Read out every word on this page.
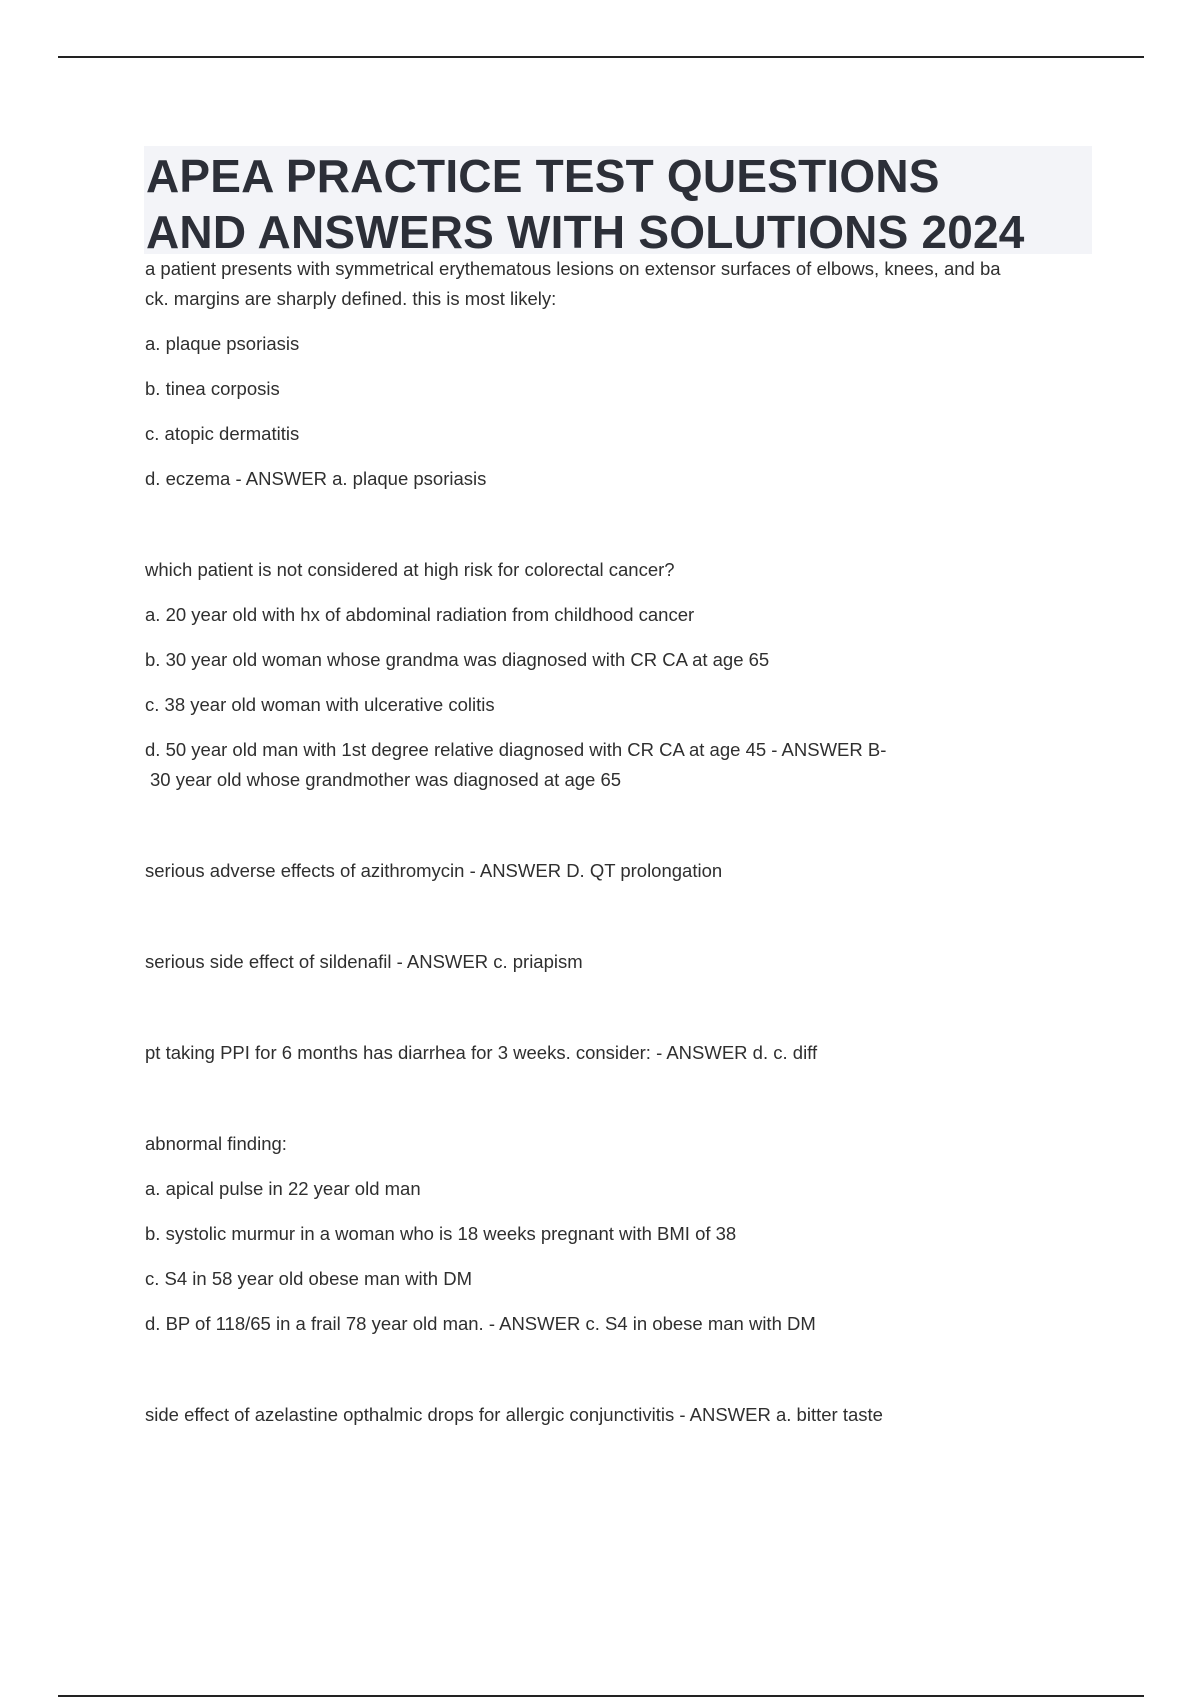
APEA PRACTICE TEST QUESTIONS
AND ANSWERS WITH SOLUTIONS 2024

a patient presents with symmetrical erythematous lesions on extensor surfaces of elbows, knees, and ba

ck. margins are sharply defined. this is most likely:

a. plaque psoriasis

b. tinea corposis

c. atopic dermatitis

d. eczema - ANSWER a. plaque psoriasis

which patient is not considered at high risk for colorectal cancer?

a. 20 year old with hx of abdominal radiation from childhood cancer

b. 30 year old woman whose grandma was diagnosed with CR CA at age 65

c. 38 year old woman with ulcerative colitis

d. 50 year old man with 1st degree relative diagnosed with CR CA at age 45 - ANSWER B-

30 year old whose grandmother was diagnosed at age 65

serious adverse effects of azithromycin - ANSWER D. QT prolongation

serious side effect of sildenafil - ANSWER c. priapism

pt taking PPI for 6 months has diarrhea for 3 weeks. consider: - ANSWER d. c. diff

abnormal finding:

a. apical pulse in 22 year old man

b. systolic murmur in a woman who is 18 weeks pregnant with BMI of 38

c. S4 in 58 year old obese man with DM

d. BP of 118/65 in a frail 78 year old man. - ANSWER c. S4 in obese man with DM

side effect of azelastine opthalmic drops for allergic conjunctivitis - ANSWER a. bitter taste
